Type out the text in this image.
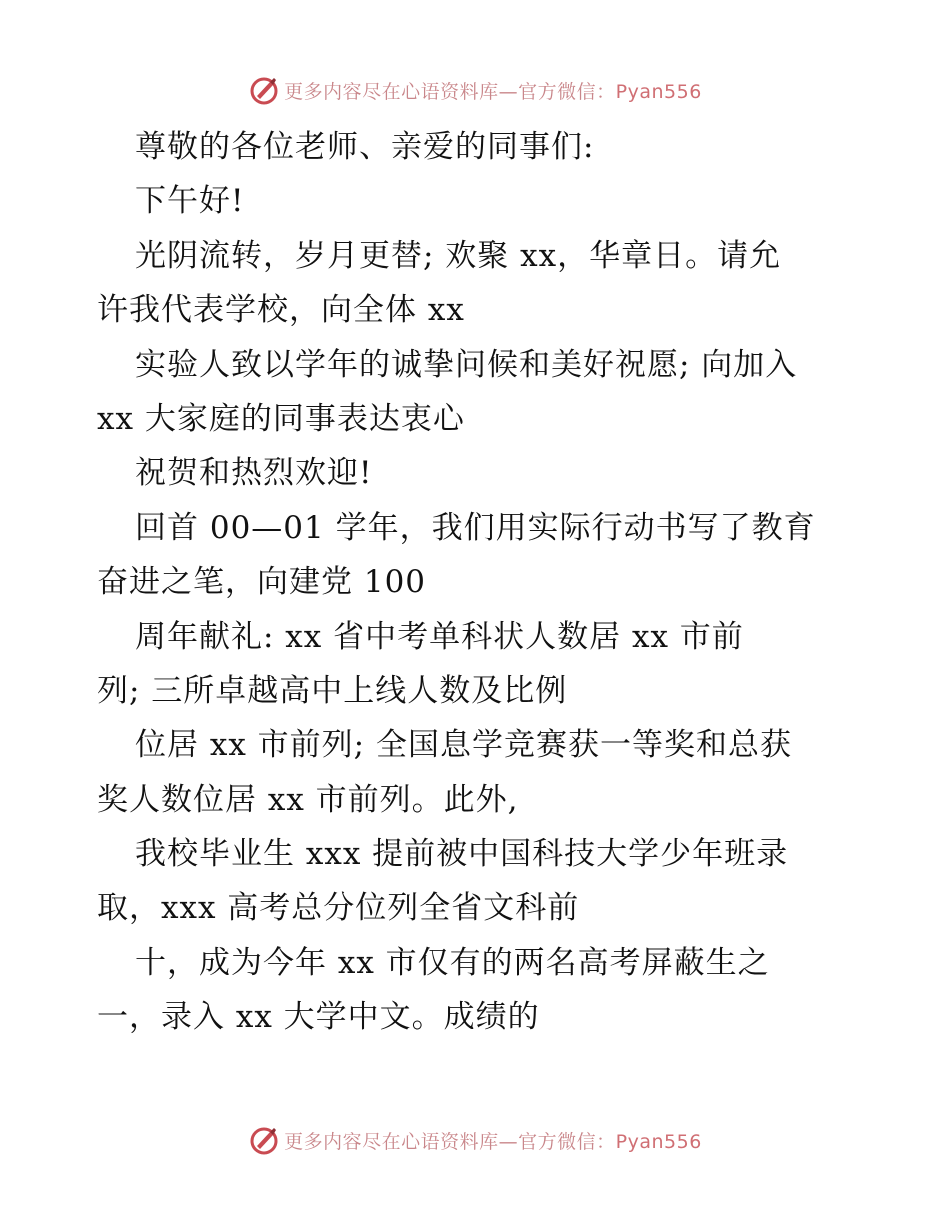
更多内容尽在心语资料库—官方微信：Pyan556
尊敬的各位老师、亲爱的同事们:
下午好!
光阴流转，岁月更替; 欢聚 xx，华章日。请允
许我代表学校，向全体 xx
实验人致以学年的诚挚问候和美好祝愿; 向加入
xx 大家庭的同事表达衷心
祝贺和热烈欢迎!
回首 00—01 学年，我们用实际行动书写了教育
奋进之笔，向建党 100
周年献礼: xx 省中考单科状人数居 xx 市前
列; 三所卓越高中上线人数及比例
位居 xx 市前列; 全国息学竞赛获一等奖和总获
奖人数位居 xx 市前列。此外,
我校毕业生 xxx 提前被中国科技大学少年班录
取，xxx 高考总分位列全省文科前
十，成为今年 xx 市仅有的两名高考屏蔽生之
一，录入 xx 大学中文。成绩的
更多内容尽在心语资料库—官方微信：Pyan556
